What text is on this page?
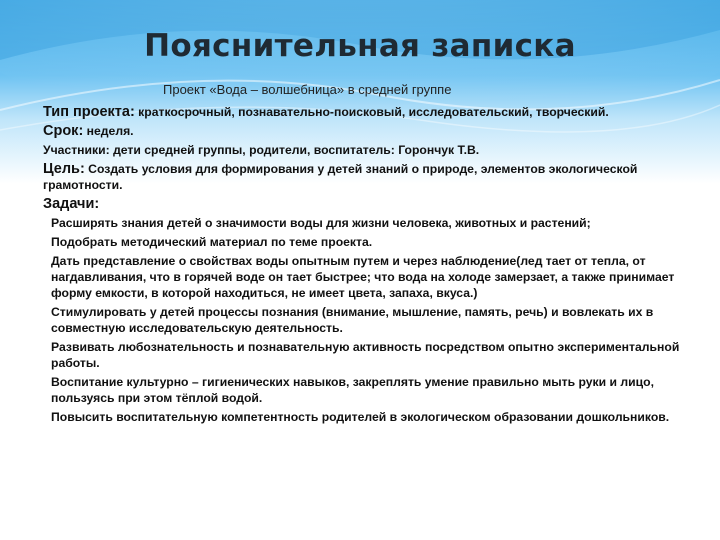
Пояснительная записка
Проект «Вода – волшебница» в средней группе
Тип проекта: краткосрочный, познавательно-поисковый, исследовательский, творческий.
Срок: неделя.
Участники: дети средней группы, родители, воспитатель: Горончук Т.В.
Цель: Создать условия для формирования у детей знаний о природе, элементов экологической грамотности.
Задачи:
Расширять знания детей о значимости воды для жизни человека, животных и растений;
Подобрать методический материал по теме проекта.
Дать представление о свойствах воды опытным путем и через наблюдение(лед тает от тепла, от нагдавливания, что в горячей воде он тает быстрее; что вода на холоде замерзает, а также принимает форму емкости, в которой находиться, не имеет цвета, запаха, вкуса.)
Стимулировать у детей процессы познания (внимание, мышление, память, речь) и вовлекать их в совместную исследовательскую деятельность.
Развивать любознательность и познавательную активность посредством опытно экспериментальной работы.
Воспитание культурно – гигиенических навыков, закреплять умение правильно мыть руки и лицо, пользуясь при этом тёплой водой.
Повысить воспитательную компетентность родителей в экологическом образовании дошкольников.
